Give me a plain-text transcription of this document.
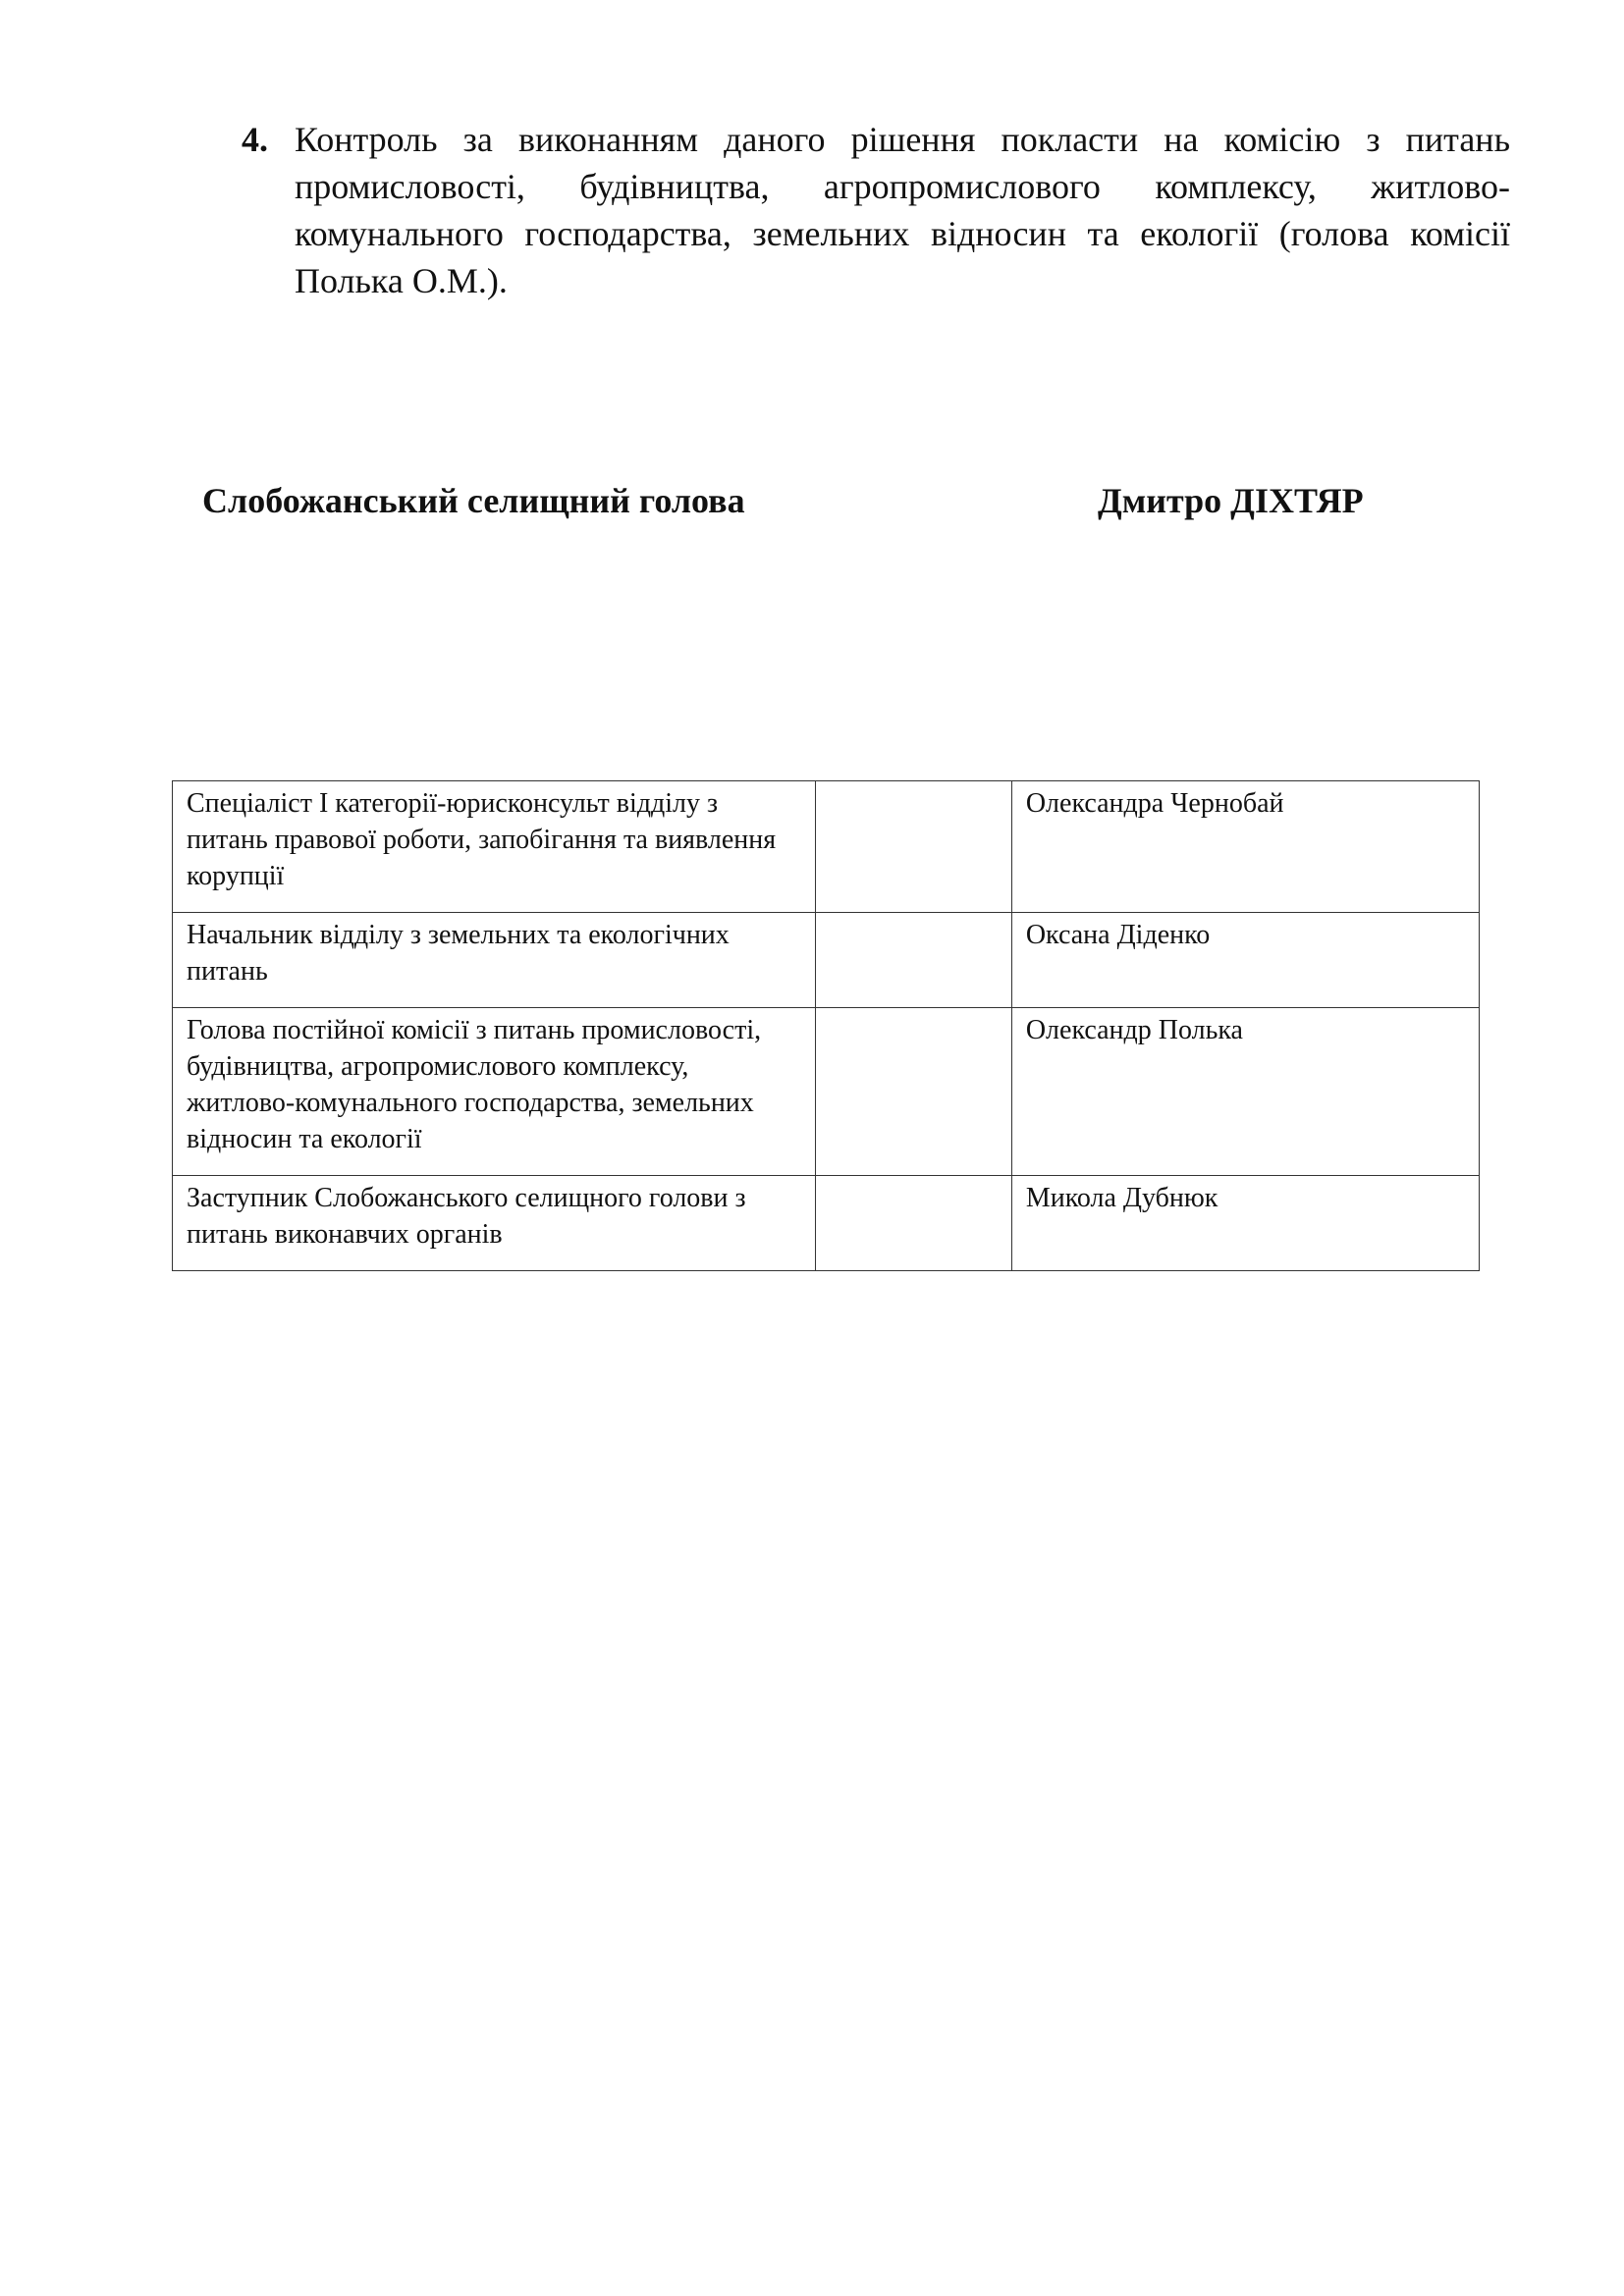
4. Контроль за виконанням даного рішення покласти на комісію з питань промисловості, будівництва, агропромислового комплексу, житлово-комунального господарства, земельних відносин та екології (голова комісії Полька О.М.).
Слобожанський селищний голова	Дмитро ДІХТЯР
Спеціаліст І категорії-юрисконсульт відділу з питань правової роботи, запобігання та виявлення корупції		Олександра Чернобай
Начальник відділу з земельних та екологічних питань		Оксана Діденко
Голова постійної комісії з питань промисловості, будівництва, агропромислового комплексу, житлово-комунального господарства, земельних відносин та екології		Олександр Полька
Заступник Слобожанського селищного голови з питань виконавчих органів		Микола Дубнюк
